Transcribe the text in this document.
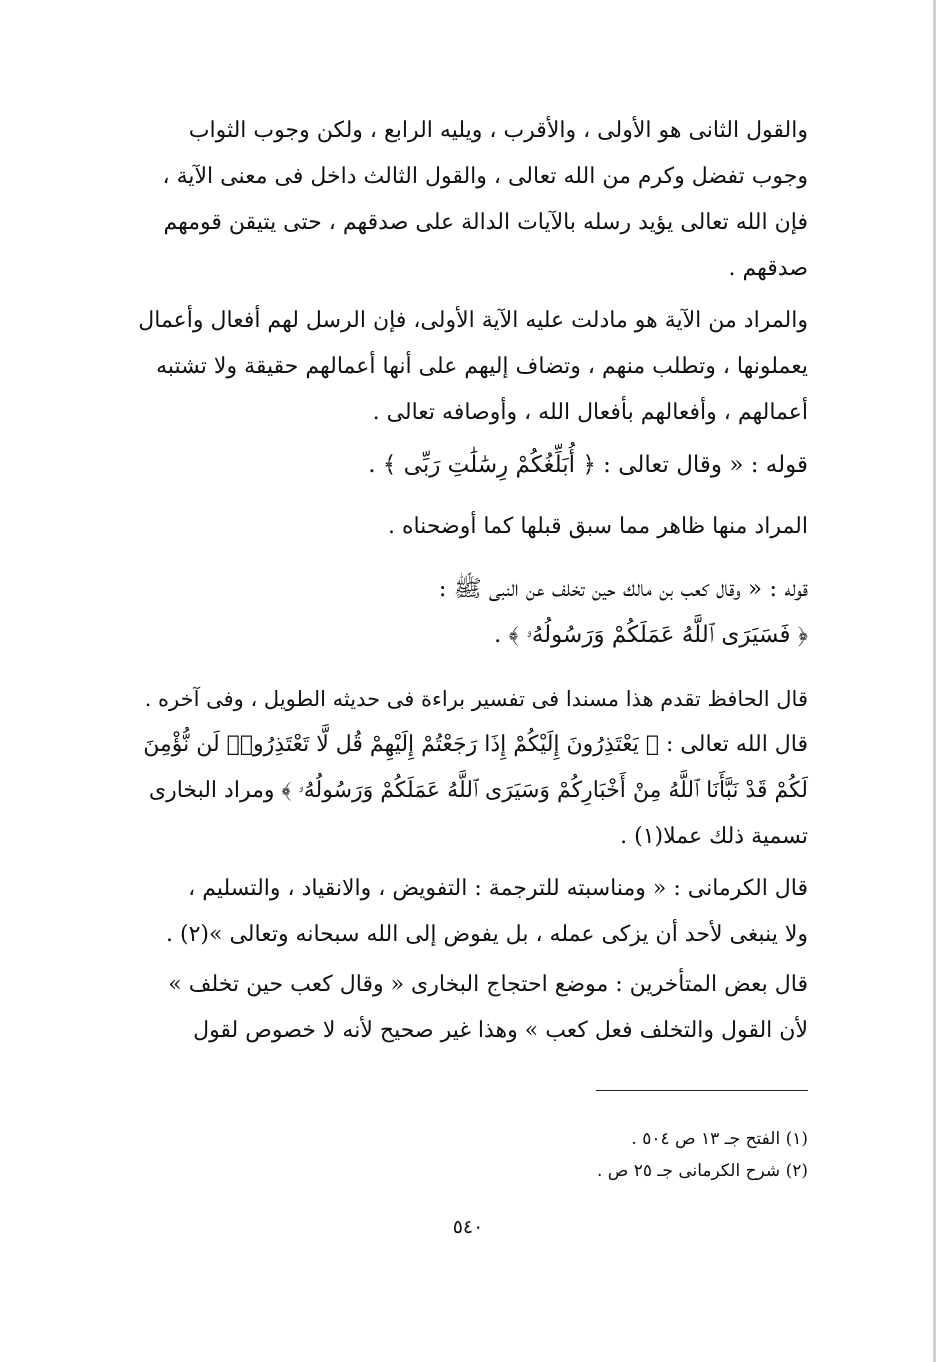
والقول الثانى هو الأولى ، والأقرب ، ويليه الرابع ، ولكن وجوب الثواب
وجوب تفضل وكرم من الله تعالى ، والقول الثالث داخل فى معنى الآية ،
فإن الله تعالى يؤيد رسله بالآيات الدالة على صدقهم ، حتى يتيقن قومهم
صدقهم .
والمراد من الآية هو مادلت عليه الآية الأولى، فإن الرسل لهم أفعال وأعمال
يعملونها ، وتطلب منهم ، وتضاف إليهم على أنها أعمالهم حقيقة ولا تشتبه
أعمالهم ، وأفعالهم بأفعال الله ، وأوصافه تعالى .
قوله : « وقال تعالى : ﴿ أُبَلِّغُكُمْ رِسَٰلَٰتِ رَبِّى ﴾ .
المراد منها ظاهر مما سبق قبلها كما أوضحناه .
قوله : « وقال كعب بن مالك حين تخلف عن النبى ﷺ :
﴿ فَسَيَرَى ٱللَّهُ عَمَلَكُمْ وَرَسُولُهُۥ ﴾ .
قال الحافظ تقدم هذا مسندا فى تفسير براءة فى حديثه الطويل ، وفى آخره .
قال الله تعالى : ﴿ يَعْتَذِرُونَ إِلَيْكُمْ إِذَا رَجَعْتُمْ إِلَيْهِمْ قُل لَّا تَعْتَذِرُوا۟ لَن نُّؤْمِنَ
لَكُمْ قَدْ نَبَّأَنَا ٱللَّهُ مِنْ أَخْبَارِكُمْ وَسَيَرَى ٱللَّهُ عَمَلَكُمْ وَرَسُولُهُۥ ﴾ ومراد البخارى
تسمية ذلك عملا(١) .
قال الكرمانى : « ومناسبته للترجمة : التفويض ، والانقياد ، والتسليم ،
ولا ينبغى لأحد أن يزكى عمله ، بل يفوض إلى الله سبحانه وتعالى »(٢) .
قال بعض المتأخرين : موضع احتجاج البخارى « وقال كعب حين تخلف »
لأن القول والتخلف فعل كعب » وهذا غير صحيح لأنه لا خصوص لقول
(١) الفتح جـ ١٣ ص ٥٠٤ .
(٢) شرح الكرمانى جـ ٢٥ ص .
٥٤٠
